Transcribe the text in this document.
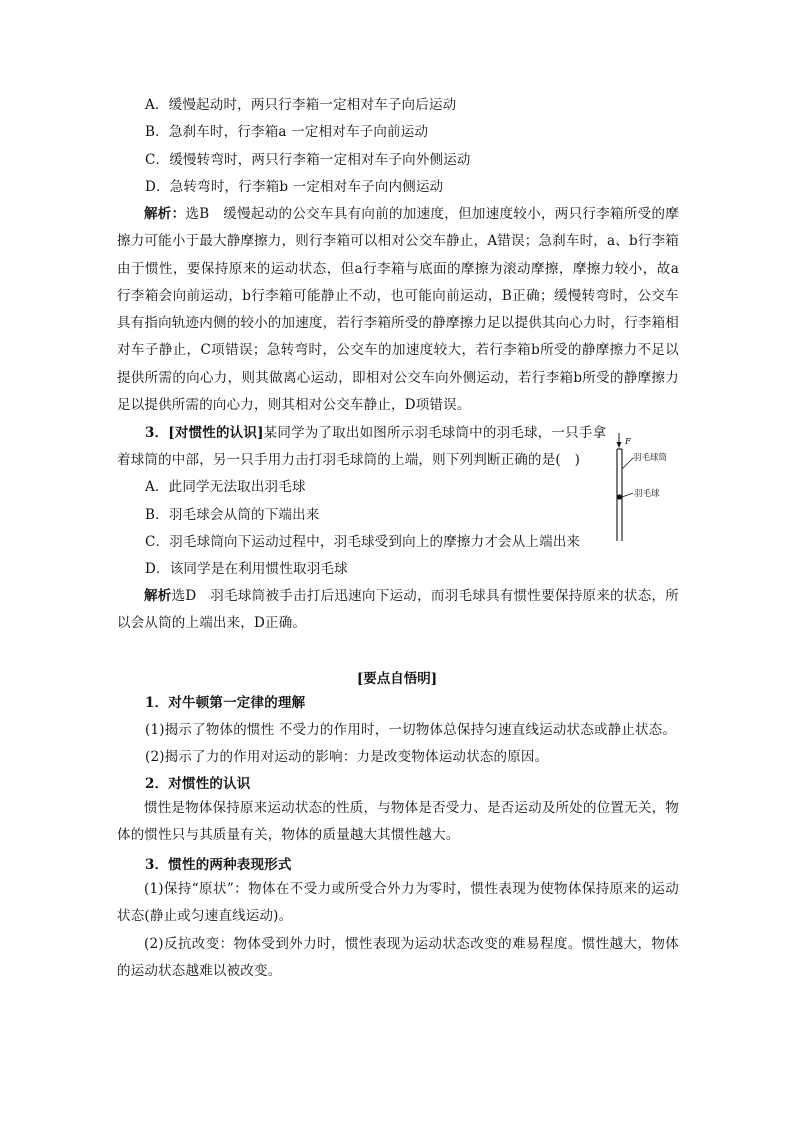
A．缓慢起动时，两只行李箱一定相对车子向后运动
B．急刹车时，行李箱a 一定相对车子向前运动
C．缓慢转弯时，两只行李箱一定相对车子向外侧运动
D．急转弯时，行李箱b 一定相对车子向内侧运动
解析：选B　缓慢起动的公交车具有向前的加速度，但加速度较小，两只行李箱所受的摩擦力可能小于最大静摩擦力，则行李箱可以相对公交车静止，A错误；急刹车时，a、b行李箱由于惯性，要保持原来的运动状态，但a行李箱与底面的摩擦为滚动摩擦，摩擦力较小，故a行李箱会向前运动，b行李箱可能静止不动，也可能向前运动，B正确；缓慢转弯时，公交车具有指向轨迹内侧的较小的加速度，若行李箱所受的静摩擦力足以提供其向心力时，行李箱相对车子静止，C项错误；急转弯时，公交车的加速度较大，若行李箱b所受的静摩擦力不足以提供所需的向心力，则其做离心运动，即相对公交车向外侧运动，若行李箱b所受的静摩擦力足以提供所需的向心力，则其相对公交车静止，D项错误。
3．[对惯性的认识]某同学为了取出如图所示羽毛球筒中的羽毛球，一只手拿
着球筒的中部，另一只手用力击打羽毛球筒的上端，则下列判断正确的是(　)
A．此同学无法取出羽毛球
B．羽毛球会从筒的下端出来
C．羽毛球筒向下运动过程中，羽毛球受到向上的摩擦力才会从上端出来
D．该同学是在利用惯性取羽毛球
F
羽毛球筒
羽毛球
解析选D　羽毛球筒被手击打后迅速向下运动，而羽毛球具有惯性要保持原来的状态，所以会从筒的上端出来，D正确。
[要点自悟明]
1．对牛顿第一定律的理解
(1)揭示了物体的惯性 不受力的作用时，一切物体总保持匀速直线运动状态或静止状态。
(2)揭示了力的作用对运动的影响：力是改变物体运动状态的原因。
2．对惯性的认识
惯性是物体保持原来运动状态的性质，与物体是否受力、是否运动及所处的位置无关，物体的惯性只与其质量有关，物体的质量越大其惯性越大。
3．惯性的两种表现形式
(1)保持“原状”：物体在不受力或所受合外力为零时，惯性表现为使物体保持原来的运动状态(静止或匀速直线运动)。
(2)反抗改变：物体受到外力时，惯性表现为运动状态改变的难易程度。惯性越大，物体的运动状态越难以被改变。
